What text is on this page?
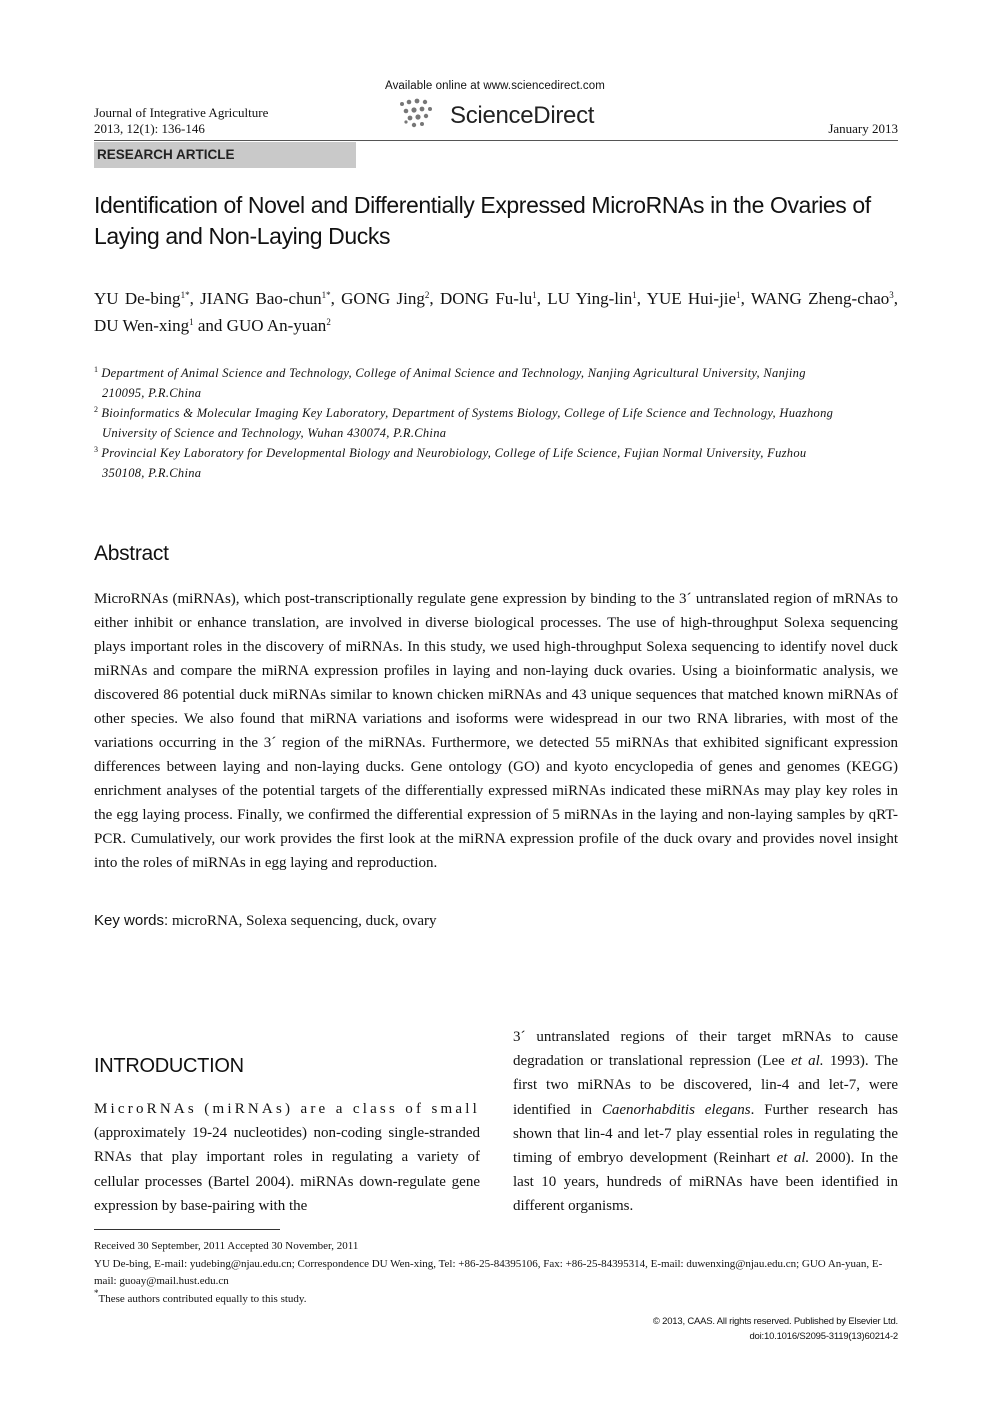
Available online at www.sciencedirect.com
ScienceDirect
Journal of Integrative Agriculture
2013, 12(1): 136-146	January 2013
RESEARCH ARTICLE
Identification of Novel and Differentially Expressed MicroRNAs in the Ovaries of Laying and Non-Laying Ducks
YU De-bing$^{1*}$, JIANG Bao-chun$^{1*}$, GONG Jing$^2$, DONG $Fu-lu^1$, LU Ying-lin$^1$, YUE Hui-jie$^1$, WANG Zheng-chao$^3$, DU Wen-xing$^1$ and GUO An-yuan$^2$
$^1$ Department of Animal Science and Technology, College of Animal Science and Technology, Nanjing Agricultural University, Nanjing
210095, P.R.China
$^2$ Bioinformatics & Molecular Imaging Key Laboratory, Department of Systems Biology, College of Life Science and Technology, Huazhong
University of Science and Technology, Wuhan 430074, P.R.China
$^3$ Provincial Key Laboratory for Developmental Biology and Neurobiology, College of Life Science, Fujian Normal University, Fuzhou
350108, P.R.China
Abstract
MicroRNAs (miRNAs), which post-transcriptionally regulate gene expression by binding to the 3´ untranslated region of mRNAs to either inhibit or enhance translation, are involved in diverse biological processes. The use of high-throughput Solexa sequencing plays important roles in the discovery of miRNAs. In this study, we used high-throughput Solexa sequencing to identify novel duck miRNAs and compare the miRNA expression profiles in laying and non-laying duck ovaries. Using a bioinformatic analysis, we discovered 86 potential duck miRNAs similar to known chicken miRNAs and 43 unique sequences that matched known miRNAs of other species. We also found that miRNA variations and isoforms were widespread in our two RNA libraries, with most of the variations occurring in the 3´ region of the miRNAs. Furthermore, we detected 55 miRNAs that exhibited significant expression differences between laying and non-laying ducks. Gene ontology (GO) and kyoto encyclopedia of genes and genomes (KEGG) enrichment analyses of the potential targets of the differentially expressed miRNAs indicated these miRNAs may play key roles in the egg laying process. Finally, we confirmed the differential expression of 5 miRNAs in the laying and non-laying samples by qRT-PCR. Cumulatively, our work provides the first look at the miRNA expression profile of the duck ovary and provides novel insight into the roles of miRNAs in egg laying and reproduction.
Key words: microRNA, Solexa sequencing, duck, ovary
INTRODUCTION
MicroRNAs (miRNAs) are a class of small (approximately 19-24 nucleotides) non-coding single-stranded RNAs that play important roles in regulating a variety of cellular processes (Bartel 2004). miRNAs down-regulate gene expression by base-pairing with the
3´ untranslated regions of their target mRNAs to cause degradation or translational repression (Lee et al. 1993). The first two miRNAs to be discovered, lin-4 and let-7, were identified in Caenorhabditis elegans. Further research has shown that lin-4 and let-7 play essential roles in regulating the timing of embryo development (Reinhart et al. 2000). In the last 10 years, hundreds of miRNAs have been identified in different organisms.
Received 30 September, 2011 Accepted 30 November, 2011
YU De-bing, E-mail: yudebing@njau.edu.cn; Correspondence DU Wen-xing, Tel: +86-25-84395106, Fax: +86-25-84395314, E-mail: duwenxing@njau.edu.cn; GUO An-yuan, E-mail: guoay@mail.hust.edu.cn
*These authors contributed equally to this study.
© 2013, CAAS. All rights reserved. Published by Elsevier Ltd.
doi:10.1016/S2095-3119(13)60214-2
